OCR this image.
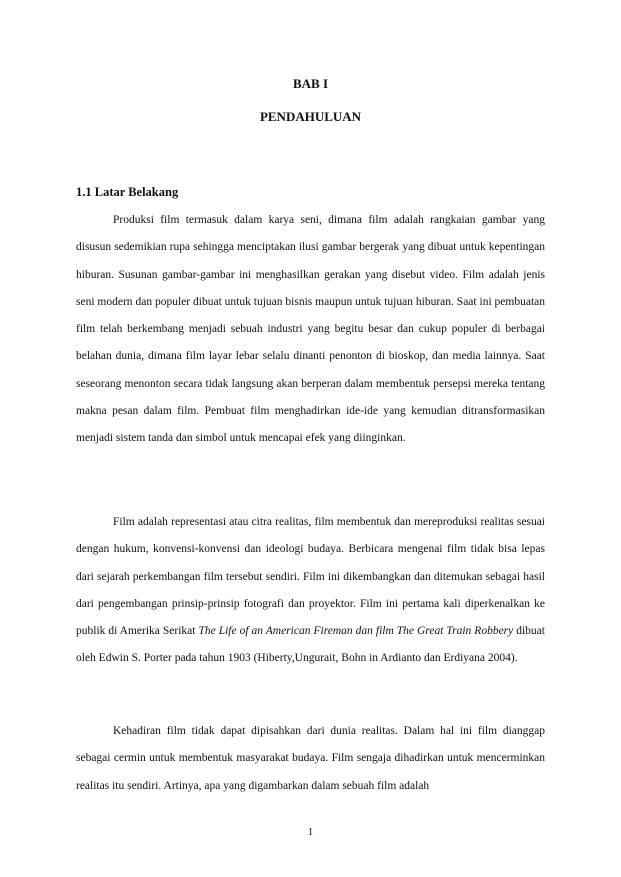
BAB I
PENDAHULUAN
1.1 Latar Belakang

Produksi film termasuk dalam karya seni, dimana film adalah rangkaian gambar yang disusun sedemikian rupa sehingga menciptakan ilusi gambar bergerak yang dibuat untuk kepentingan hiburan. Susunan gambar-gambar ini menghasilkan gerakan yang disebut video. Film adalah jenis seni modern dan populer dibuat untuk tujuan bisnis maupun untuk tujuan hiburan. Saat ini pembuatan film telah berkembang menjadi sebuah industri yang begitu besar dan cukup populer di berbagai belahan dunia, dimana film layar lebar selalu dinanti penonton di bioskop, dan media lainnya. Saat seseorang menonton secara tidak langsung akan berperan dalam membentuk persepsi mereka tentang makna pesan dalam film. Pembuat film menghadirkan ide-ide yang kemudian ditransformasikan menjadi sistem tanda dan simbol untuk mencapai efek yang diinginkan.

Film adalah representasi atau citra realitas, film membentuk dan mereproduksi realitas sesuai dengan hukum, konvensi-konvensi dan ideologi budaya. Berbicara mengenai film tidak bisa lepas dari sejarah perkembangan film tersebut sendiri. Film ini dikembangkan dan ditemukan sebagai hasil dari pengembangan prinsip-prinsip fotografi dan proyektor. Film ini pertama kali diperkenalkan ke publik di Amerika Serikat The Life of an American Fireman dan film The Great Train Robbery dibuat oleh Edwin S. Porter pada tahun 1903 (Hiberty,Ungurait, Bohn in Ardianto dan Erdiyana 2004).

Kehadiran film tidak dapat dipisahkan dari dunia realitas. Dalam hal ini film dianggap sebagai cermin untuk membentuk masyarakat budaya. Film sengaja dihadirkan untuk mencerminkan realitas itu sendiri. Artinya, apa yang digambarkan dalam sebuah film adalah

1
